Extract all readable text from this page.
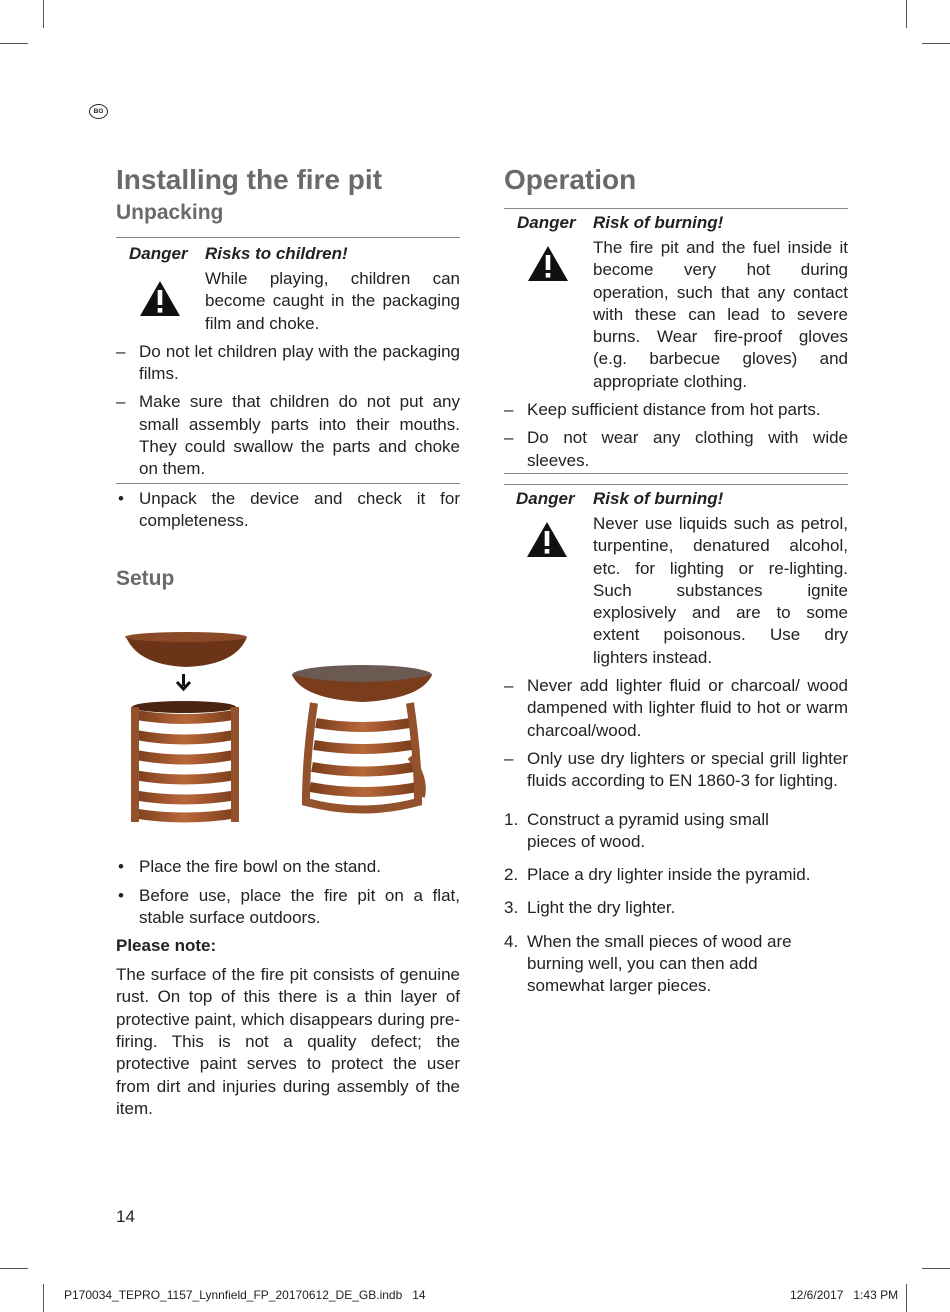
BG
Installing the fire pit
Unpacking
Danger Risks to children!
While playing, children can become caught in the packaging film and choke.
– Do not let children play with the packaging films.
– Make sure that children do not put any small assembly parts into their mouths. They could swallow the parts and choke on them.
• Unpack the device and check it for completeness.
Setup
• Place the fire bowl on the stand.
• Before use, place the fire pit on a flat, stable surface outdoors.
Please note:
The surface of the fire pit consists of genuine rust. On top of this there is a thin layer of protective paint, which disappears during pre-firing. This is not a quality defect; the protective paint serves to protect the user from dirt and injuries during assembly of the item.
Operation
Danger Risk of burning!
The fire pit and the fuel inside it become very hot during operation, such that any contact with these can lead to severe burns. Wear fire-proof gloves (e.g. barbecue gloves) and appropriate clothing.
– Keep sufficient distance from hot parts.
– Do not wear any clothing with wide sleeves.
Danger Risk of burning!
Never use liquids such as petrol, turpentine, denatured alcohol, etc. for lighting or re-lighting. Such substances ignite explosively and are to some extent poisonous. Use dry lighters instead.
– Never add lighter fluid or charcoal/ wood dampened with lighter fluid to hot or warm charcoal/wood.
– Only use dry lighters or special grill lighter fluids according to EN 1860-3 for lighting.
1. Construct a pyramid using small pieces of wood.
2. Place a dry lighter inside the pyramid.
3. Light the dry lighter.
4. When the small pieces of wood are burning well, you can then add somewhat larger pieces.
14
P170034_TEPRO_1157_Lynnfield_FP_20170612_DE_GB.indb   14	12/6/2017   1:43 PM
